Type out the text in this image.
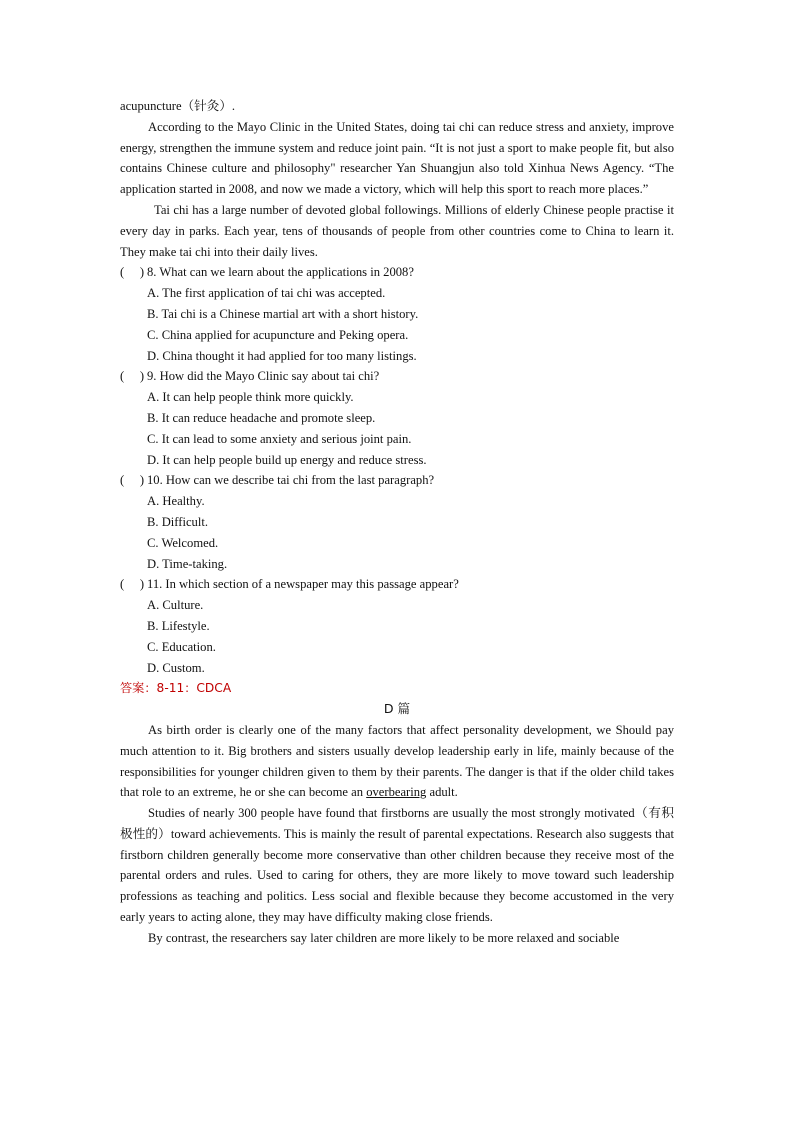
acupuncture（针灸）.

According to the Mayo Clinic in the United States, doing tai chi can reduce stress and anxiety, improve energy, strengthen the immune system and reduce joint pain. “It is not just a sport to make people fit, but also contains Chinese culture and philosophy" researcher Yan Shuangjun also told Xinhua News Agency. “The application started in 2008, and now we made a victory, which will help this sport to reach more places.”

Tai chi has a large number of devoted global followings. Millions of elderly Chinese people practise it every day in parks. Each year, tens of thousands of people from other countries come to China to learn it. They make tai chi into their daily lives.

(　 ) 8. What can we learn about the applications in 2008?
A. The first application of tai chi was accepted.
B. Tai chi is a Chinese martial art with a short history.
C. China applied for acupuncture and Peking opera.
D. China thought it had applied for too many listings.
(　 ) 9. How did the Mayo Clinic say about tai chi?
A. It can help people think more quickly.
B. It can reduce headache and promote sleep.
C. It can lead to some anxiety and serious joint pain.
D. It can help people build up energy and reduce stress.
(　 ) 10. How can we describe tai chi from the last paragraph?
A. Healthy.
B. Difficult.
C. Welcomed.
D. Time-taking.
(　 ) 11. In which section of a newspaper may this passage appear?
A. Culture.
B. Lifestyle.
C. Education.
D. Custom.
答案：8-11：CDCA
D 篇

As birth order is clearly one of the many factors that affect personality development, we Should pay much attention to it. Big brothers and sisters usually develop leadership early in life, mainly because of the responsibilities for younger children given to them by their parents. The danger is that if the older child takes that role to an extreme, he or she can become an overbearing adult.

Studies of nearly 300 people have found that firstborns are usually the most strongly motivated（有积极性的）toward achievements. This is mainly the result of parental expectations. Research also suggests that firstborn children generally become more conservative than other children because they receive most of the parental orders and rules. Used to caring for others, they are more likely to move toward such leadership professions as teaching and politics. Less social and flexible because they become accustomed in the very early years to acting alone, they may have difficulty making close friends.

By contrast, the researchers say later children are more likely to be more relaxed and sociable
